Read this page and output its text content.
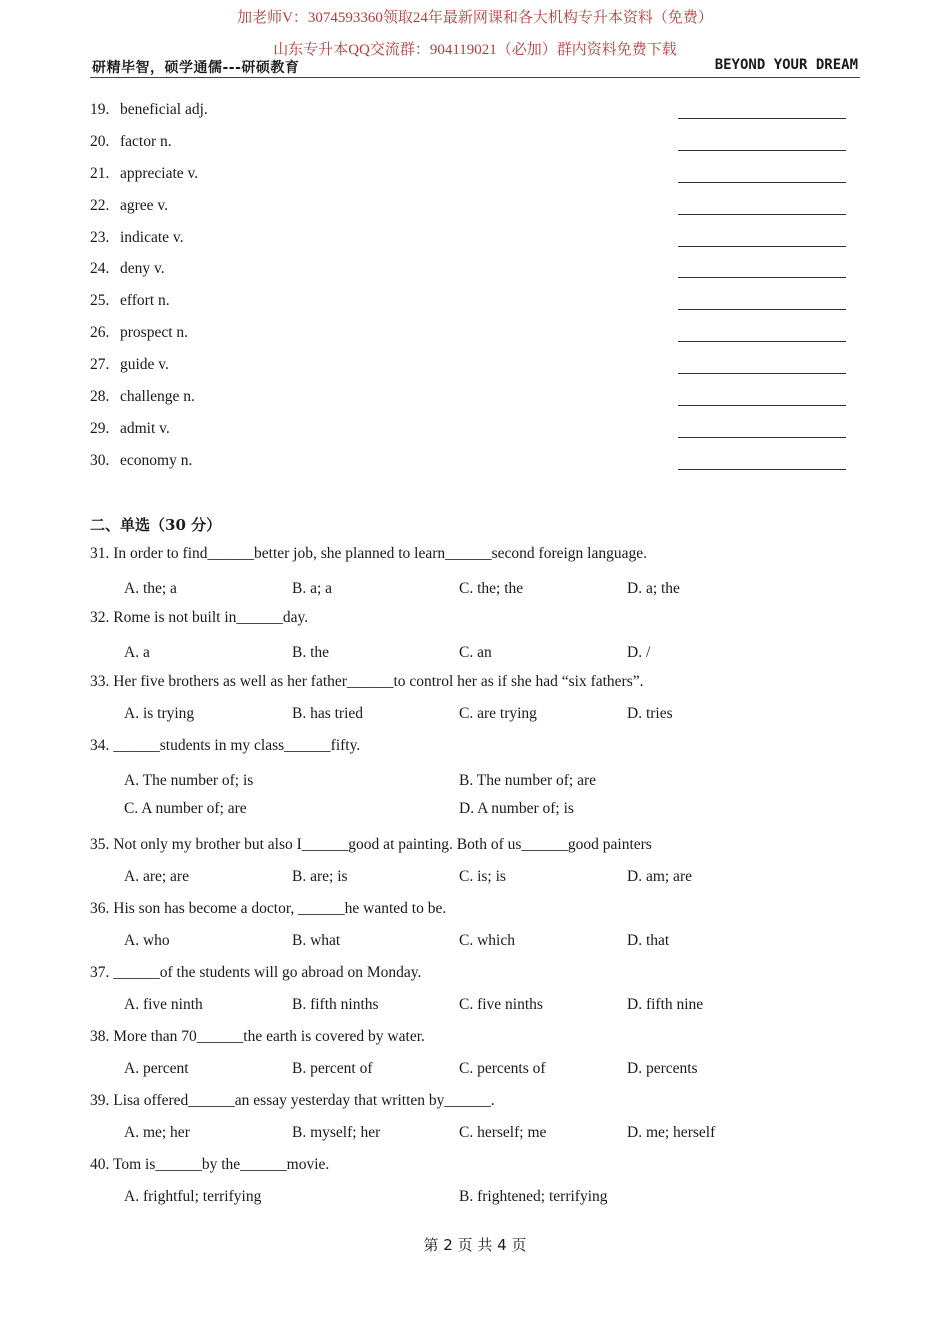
加老师V：3074593360领取24年最新网课和各大机构专升本资料（免费）
山东专升本QQ交流群：904119021（必加）群内资料免费下载
研精毕智，硕学通儒---研硕教育	BEYOND YOUR DREAM
19. beneficial adj.
20. factor n.
21. appreciate v.
22. agree v.
23. indicate v.
24. deny v.
25. effort n.
26. prospect n.
27. guide v.
28. challenge n.
29. admit v.
30. economy n.
二、单选（30 分）
31. In order to find______better job, she planned to learn______second foreign language.
A. the; a	B. a; a	C. the; the	D. a; the
32. Rome is not built in______day.
A. a	B. the	C. an	D. /
33. Her five brothers as well as her father______to control her as if she had “six fathers”.
A. is trying	B. has tried	C. are trying	D. tries
34. ______students in my class______fifty.
A. The number of; is	B. The number of; are
C. A number of; are	D. A number of; is
35. Not only my brother but also I______good at painting. Both of us______good painters
A. are; are	B. are; is	C. is; is	D. am; are
36. His son has become a doctor, ______he wanted to be.
A. who	B. what	C. which	D. that
37. ______of the students will go abroad on Monday.
A. five ninth	B. fifth ninths	C. five ninths	D. fifth nine
38. More than 70______the earth is covered by water.
A. percent	B. percent of	C. percents of	D. percents
39. Lisa offered______an essay yesterday that written by______.
A. me; her	B. myself; her	C. herself; me	D. me; herself
40. Tom is______by the______movie.
A. frightful; terrifying	B. frightened; terrifying
第 2 页 共 4 页
